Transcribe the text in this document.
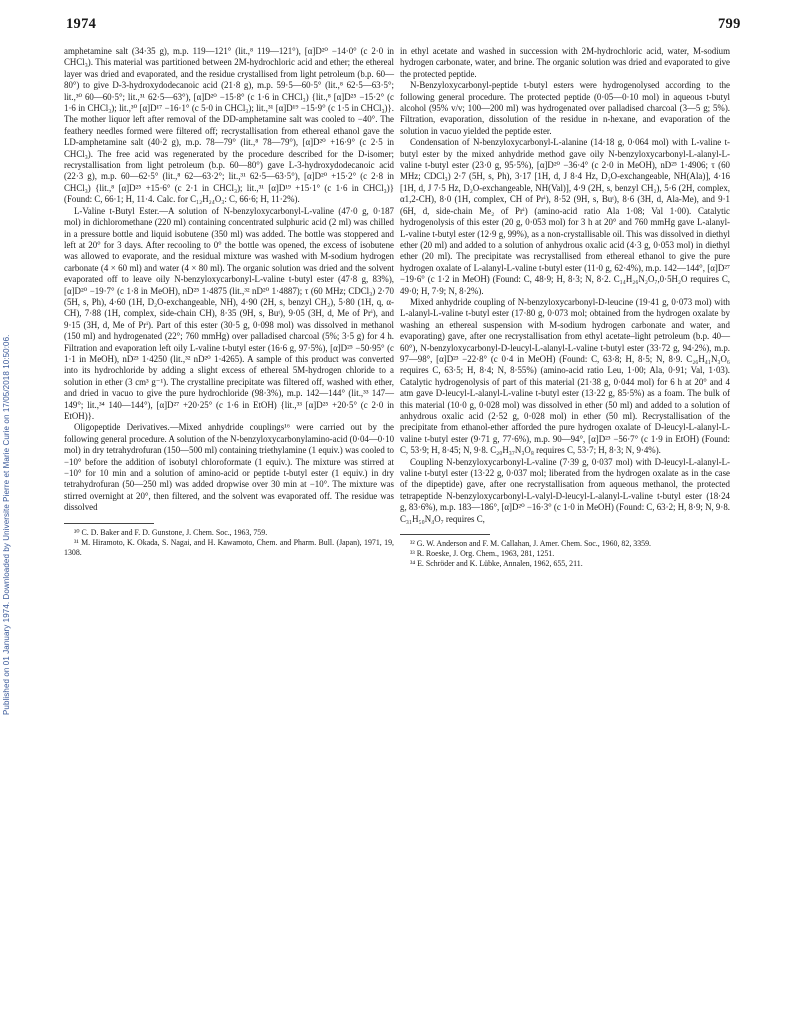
Published on 01 January 1974. Downloaded by Universite Pierre et Marie Curie on 17/05/2018 10:50:06.
1974	799

amphetamine salt (34·35 g), m.p. 119—121° (lit.,⁸ 119—121°), [α]D²⁰ −14·0° (c 2·0 in CHCl₃). This material was partitioned between 2M-hydrochloric acid and ether; the ethereal layer was dried and evaporated, and the residue crystallised from light petroleum (b.p. 60—80°) to give D-3-hydroxydodecanoic acid (21·8 g), m.p. 59·5—60·5° (lit.,⁸ 62·5—63·5°; lit.,³⁰ 60—60·5°; lit.,³¹ 62·5—63°), [α]D²⁰ −15·8° (c 1·6 in CHCl₃) {lit.,⁸ [α]D²⁵ −15·2° (c 1·6 in CHCl₃); lit.,³⁰ [α]D¹⁷ −16·1° (c 5·0 in CHCl₃); lit.,³¹ [α]D¹⁹ −15·9° (c 1·5 in CHCl₃)}. The mother liquor left after removal of the DD-amphetamine salt was cooled to −40°. The feathery needles formed were filtered off; recrystallisation from ethereal ethanol gave the LD-amphetamine salt (40·2 g), m.p. 78—79° (lit.,⁸ 78—79°), [α]D²⁰ +16·9° (c 2·5 in CHCl₃). The free acid was regenerated by the procedure described for the D-isomer; recrystallisation from light petroleum (b.p. 60—80°) gave L-3-hydroxydodecanoic acid (22·3 g), m.p. 60—62·5° (lit.,⁸ 62—63·2°; lit.,³¹ 62·5—63·5°), [α]D²⁰ +15·2° (c 2·8 in CHCl₃) {lit.,⁸ [α]D²⁵ +15·6° (c 2·1 in CHCl₃); lit.,³¹ [α]D¹⁹ +15·1° (c 1·6 in CHCl₃)} (Found: C, 66·1; H, 11·4. Calc. for C₁₂H₂₄O₃: C, 66·6; H, 11·2%).

L-Valine t-Butyl Ester.—A solution of N-benzyloxycarbonyl-L-valine (47·0 g, 0·187 mol) in dichloromethane (220 ml) containing concentrated sulphuric acid (2 ml) was chilled in a pressure bottle and liquid isobutene (350 ml) was added. The bottle was stoppered and left at 20° for 3 days. After recooling to 0° the bottle was opened, the excess of isobutene was allowed to evaporate, and the residual mixture was washed with M-sodium hydrogen carbonate (4 × 60 ml) and water (4 × 80 ml). The organic solution was dried and the solvent evaporated off to leave oily N-benzyloxycarbonyl-L-valine t-butyl ester (47·8 g, 83%), [α]D²⁰ −19·7° (c 1·8 in MeOH), nD²⁵ 1·4875 (lit.,³² nD²⁰ 1·4887); τ (60 MHz; CDCl₃) 2·70 (5H, s, Ph), 4·60 (1H, D₂O-exchangeable, NH), 4·90 (2H, s, benzyl CH₂), 5·80 (1H, q, α-CH), 7·88 (1H, complex, side-chain CH), 8·35 (9H, s, Buᵗ), 9·05 (3H, d, Me of Prⁱ), and 9·15 (3H, d, Me of Prⁱ). Part of this ester (30·5 g, 0·098 mol) was dissolved in methanol (150 ml) and hydrogenated (22°; 760 mmHg) over palladised charcoal (5%; 3·5 g) for 4 h. Filtration and evaporation left oily L-valine t-butyl ester (16·6 g, 97·5%), [α]D²⁵ −50·95° (c 1·1 in MeOH), nD²³ 1·4250 (lit.,³² nD²⁰ 1·4265). A sample of this product was converted into its hydrochloride by adding a slight excess of ethereal 5M-hydrogen chloride to a solution in ether (3 cm³ g⁻¹). The crystalline precipitate was filtered off, washed with ether, and dried in vacuo to give the pure hydrochloride (98·3%), m.p. 142—144° (lit.,³³ 147—149°; lit.,³⁴ 140—144°), [α]D²⁷ +20·25° (c 1·6 in EtOH) {lit.,³³ [α]D²⁵ +20·5° (c 2·0 in EtOH)}.

Oligopeptide Derivatives.—Mixed anhydride couplings¹⁶ were carried out by the following general procedure. A solution of the N-benzyloxycarbonylamino-acid (0·04—0·10 mol) in dry tetrahydrofuran (150—500 ml) containing triethylamine (1 equiv.) was cooled to −10° before the addition of isobutyl chloroformate (1 equiv.). The mixture was stirred at −10° for 10 min and a solution of amino-acid or peptide t-butyl ester (1 equiv.) in dry tetrahydrofuran (50—250 ml) was added dropwise over 30 min at −10°. The mixture was stirred overnight at 20°, then filtered, and the solvent was evaporated off. The residue was dissolved

³⁰ C. D. Baker and F. D. Gunstone, J. Chem. Soc., 1963, 759.

³¹ M. Hiramoto, K. Okada, S. Nagai, and H. Kawamoto, Chem. and Pharm. Bull. (Japan), 1971, 19, 1308.

in ethyl acetate and washed in succession with 2M-hydrochloric acid, water, M-sodium hydrogen carbonate, water, and brine. The organic solution was dried and evaporated to give the protected peptide.

N-Benzyloxycarbonyl-peptide t-butyl esters were hydrogenolysed according to the following general procedure. The protected peptide (0·05—0·10 mol) in aqueous t-butyl alcohol (95% v/v; 100—200 ml) was hydrogenated over palladised charcoal (3—5 g; 5%). Filtration, evaporation, dissolution of the residue in n-hexane, and evaporation of the solution in vacuo yielded the peptide ester.

Condensation of N-benzyloxycarbonyl-L-alanine (14·18 g, 0·064 mol) with L-valine t-butyl ester by the mixed anhydride method gave oily N-benzyloxycarbonyl-L-alanyl-L-valine t-butyl ester (23·0 g, 95·5%), [α]D²⁰ −36·4° (c 2·0 in MeOH), nD²⁵ 1·4906; τ (60 MHz; CDCl₃) 2·7 (5H, s, Ph), 3·17 [1H, d, J 8·4 Hz, D₂O-exchangeable, NH(Ala)], 4·16 [1H, d, J 7·5 Hz, D₂O-exchangeable, NH(Val)], 4·9 (2H, s, benzyl CH₂), 5·6 (2H, complex, α1,2-CH), 8·0 (1H, complex, CH of Prⁱ), 8·52 (9H, s, Buᵗ), 8·6 (3H, d, Ala-Me), and 9·1 (6H, d, side-chain Me₂ of Prⁱ) (amino-acid ratio Ala 1·08; Val 1·00). Catalytic hydrogenolysis of this ester (20 g, 0·053 mol) for 3 h at 20° and 760 mmHg gave L-alanyl-L-valine t-butyl ester (12·9 g, 99%), as a non-crystallisable oil. This was dissolved in diethyl ether (20 ml) and added to a solution of anhydrous oxalic acid (4·3 g, 0·053 mol) in diethyl ether (20 ml). The precipitate was recrystallised from ethereal ethanol to give the pure hydrogen oxalate of L-alanyl-L-valine t-butyl ester (11·0 g, 62·4%), m.p. 142—144°, [α]D²⁷ −19·6° (c 1·2 in MeOH) (Found: C, 48·9; H, 8·3; N, 8·2. C₁₄H₂₆N₂O₇,0·5H₂O requires C, 49·0; H, 7·9; N, 8·2%).

Mixed anhydride coupling of N-benzyloxycarbonyl-D-leucine (19·41 g, 0·073 mol) with L-alanyl-L-valine t-butyl ester (17·80 g, 0·073 mol; obtained from the hydrogen oxalate by washing an ethereal suspension with M-sodium hydrogen carbonate and water, and evaporating) gave, after one recrystallisation from ethyl acetate–light petroleum (b.p. 40—60°), N-benzyloxycarbonyl-D-leucyl-L-alanyl-L-valine t-butyl ester (33·72 g, 94·2%), m.p. 97—98°, [α]D²³ −22·8° (c 0·4 in MeOH) (Found: C, 63·8; H, 8·5; N, 8·9. C₂₆H₄₁N₃O₆ requires C, 63·5; H, 8·4; N, 8·55%) (amino-acid ratio Leu, 1·00; Ala, 0·91; Val, 1·03). Catalytic hydrogenolysis of part of this material (21·38 g, 0·044 mol) for 6 h at 20° and 4 atm gave D-leucyl-L-alanyl-L-valine t-butyl ester (13·22 g, 85·5%) as a foam. The bulk of this material (10·0 g, 0·028 mol) was dissolved in ether (50 ml) and added to a solution of anhydrous oxalic acid (2·52 g, 0·028 mol) in ether (50 ml). Recrystallisation of the precipitate from ethanol-ether afforded the pure hydrogen oxalate of D-leucyl-L-alanyl-L-valine t-butyl ester (9·71 g, 77·6%), m.p. 90—94°, [α]D²³ −56·7° (c 1·9 in EtOH) (Found: C, 53·9; H, 8·45; N, 9·8. C₂₀H₃₇N₃O₈ requires C, 53·7; H, 8·3; N, 9·4%).

Coupling N-benzyloxycarbonyl-L-valine (7·39 g, 0·037 mol) with D-leucyl-L-alanyl-L-valine t-butyl ester (13·22 g, 0·037 mol; liberated from the hydrogen oxalate as in the case of the dipeptide) gave, after one recrystallisation from aqueous methanol, the protected tetrapeptide N-benzyloxycarbonyl-L-valyl-D-leucyl-L-alanyl-L-valine t-butyl ester (18·24 g, 83·6%), m.p. 183—186°, [α]D²⁰ −16·3° (c 1·0 in MeOH) (Found: C, 63·2; H, 8·9; N, 9·8. C₃₁H₅₀N₄O₇ requires C,

³² G. W. Anderson and F. M. Callahan, J. Amer. Chem. Soc., 1960, 82, 3359.

³³ R. Roeske, J. Org. Chem., 1963, 281, 1251.

³⁴ E. Schröder and K. Lübke, Annalen, 1962, 655, 211.
